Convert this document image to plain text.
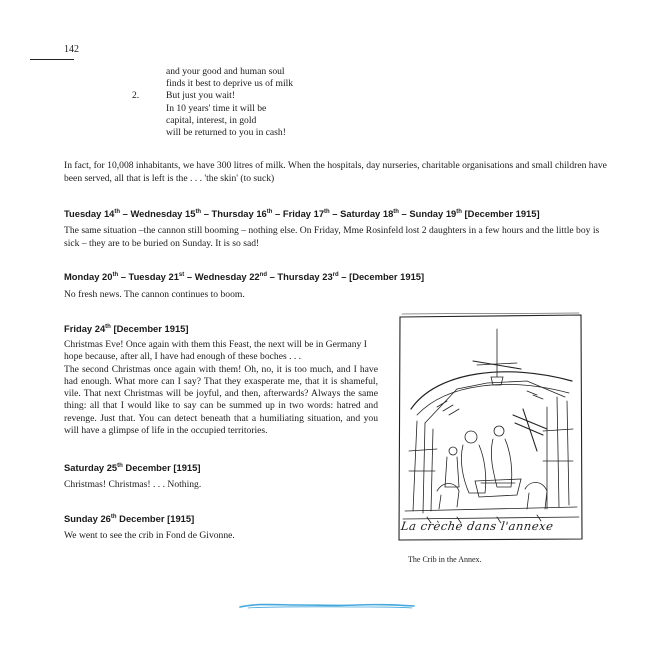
142
and your good and human soul
finds it best to deprive us of milk
2.	But just you wait!
In 10 years' time it will be
capital, interest, in gold
will be returned to you in cash!
In fact, for 10,008 inhabitants, we have 300 litres of milk. When the hospitals, day nurseries, charitable organisations and small children have been served, all that is left is the . . . 'the skin' (to suck)
Tuesday 14th – Wednesday 15th – Thursday 16th – Friday 17th – Saturday 18th – Sunday 19th [December 1915]
The same situation –the cannon still booming – nothing else. On Friday, Mme Rosinfeld lost 2 daughters in a few hours and the little boy is sick – they are to be buried on Sunday. It is so sad!
Monday 20th – Tuesday 21st – Wednesday 22nd – Thursday 23rd – [December 1915]
No fresh news. The cannon continues to boom.
Friday 24th [December 1915]

Christmas Eve! Once again with them this Feast, the next will be in Germany I hope because, after all, I have had enough of these boches . . .

The second Christmas once again with them! Oh, no, it is too much, and I have had enough. What more can I say? That they exasperate me, that it is shameful, vile. That next Christmas will be joyful, and then, afterwards? Always the same thing: all that I would like to say can be summed up in two words: hatred and revenge. Just that. You can detect beneath that a humiliating situation, and you will have a glimpse of life in the occupied territories.

Saturday 25th December [1915]
Christmas! Christmas! . . . Nothing.
Sunday 26th December [1915]
We went to see the crib in Fond de Givonne.
La crèche dans l'annexe
The Crib in the Annex.
